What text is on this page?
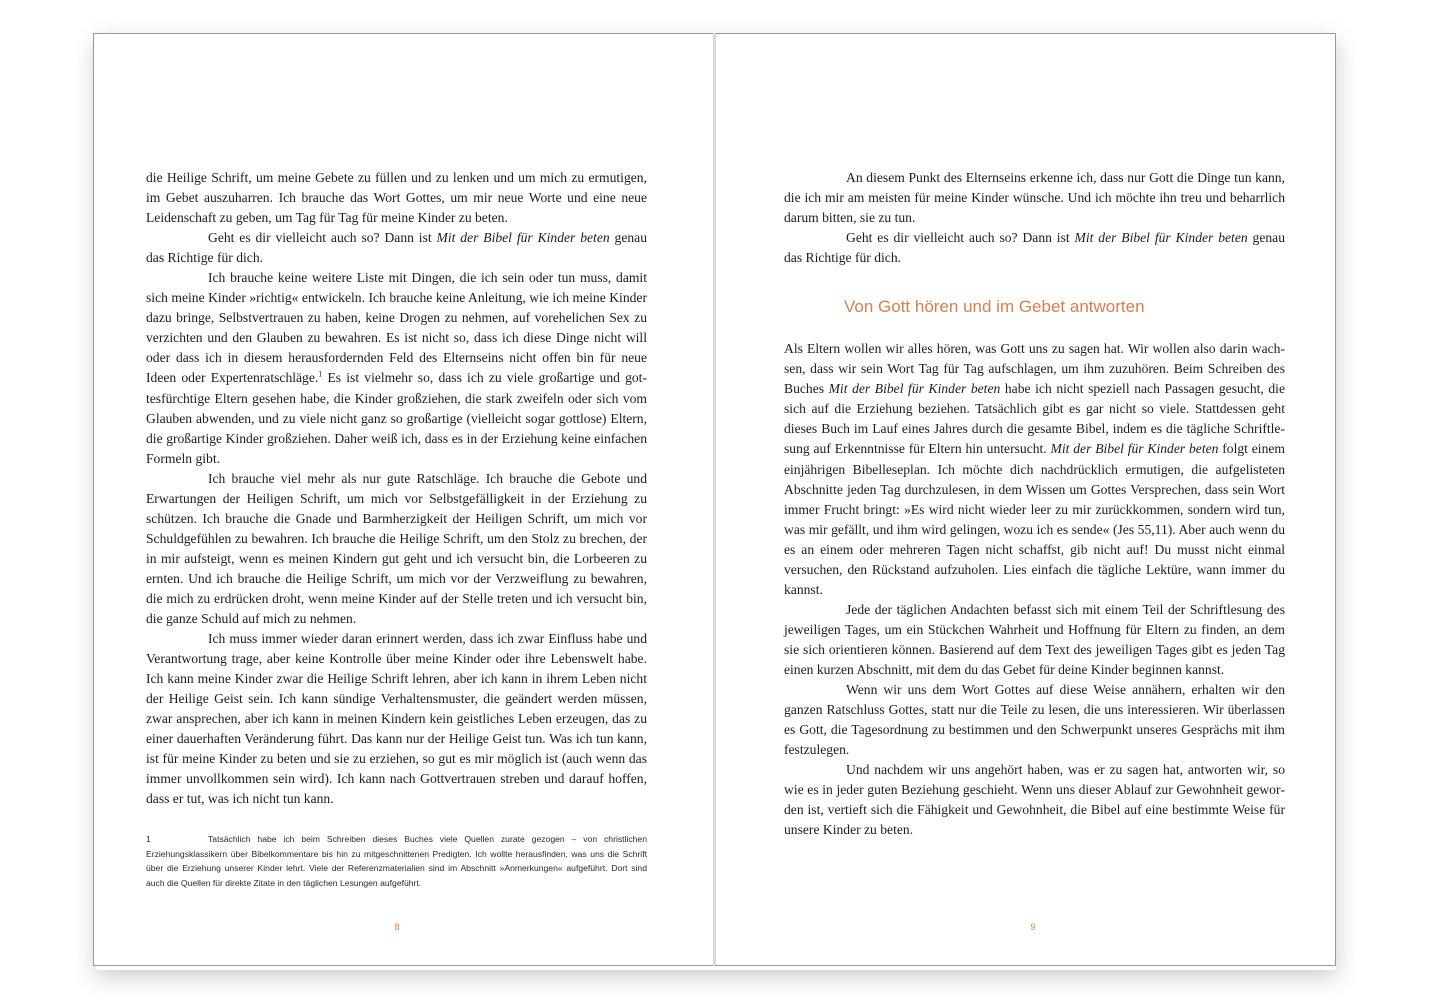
die Heilige Schrift, um meine Gebete zu füllen und zu lenken und um mich zu ermutigen, im Gebet auszuharren. Ich brauche das Wort Gottes, um mir neue Worte und eine neue Leidenschaft zu geben, um Tag für Tag für meine Kinder zu beten.

Geht es dir vielleicht auch so? Dann ist Mit der Bibel für Kinder beten genau das Richtige für dich.

Ich brauche keine weitere Liste mit Dingen, die ich sein oder tun muss, damit sich meine Kinder »richtig« entwickeln. Ich brauche keine Anleitung, wie ich meine Kinder dazu bringe, Selbstvertrauen zu haben, keine Drogen zu nehmen, auf vorehelichen Sex zu verzichten und den Glauben zu bewahren. Es ist nicht so, dass ich diese Dinge nicht will oder dass ich in diesem herausfordernden Feld des Elternseins nicht offen bin für neue Ideen oder Expertenratschläge.$^1$ Es ist vielmehr so, dass ich zu viele großartige und gottesfürchtige Eltern gesehen habe, die Kinder großziehen, die stark zweifeln oder sich vom Glauben abwenden, und zu viele nicht ganz so großartige (vielleicht sogar gottlose) Eltern, die großartige Kinder großziehen. Daher weiß ich, dass es in der Erziehung keine einfachen Formeln gibt.

Ich brauche viel mehr als nur gute Ratschläge. Ich brauche die Gebote und Erwartungen der Heiligen Schrift, um mich vor Selbstgefälligkeit in der Erziehung zu schützen. Ich brauche die Gnade und Barmherzigkeit der Heiligen Schrift, um mich vor Schuldgefühlen zu bewahren. Ich brauche die Heilige Schrift, um den Stolz zu brechen, der in mir aufsteigt, wenn es meinen Kindern gut geht und ich versucht bin, die Lorbeeren zu ernten. Und ich brauche die Heilige Schrift, um mich vor der Verzweiflung zu bewahren, die mich zu erdrücken droht, wenn meine Kinder auf der Stelle treten und ich versucht bin, die ganze Schuld auf mich zu nehmen.

Ich muss immer wieder daran erinnert werden, dass ich zwar Einfluss habe und Verantwortung trage, aber keine Kontrolle über meine Kinder oder ihre Lebenswelt habe. Ich kann meine Kinder zwar die Heilige Schrift lehren, aber ich kann in ihrem Leben nicht der Heilige Geist sein. Ich kann sündige Verhaltensmuster, die geändert werden müssen, zwar ansprechen, aber ich kann in meinen Kindern kein geistliches Leben erzeugen, das zu einer dauerhaften Veränderung führt. Das kann nur der Heilige Geist tun. Was ich tun kann, ist für meine Kinder zu beten und sie zu erziehen, so gut es mir möglich ist (auch wenn das immer unvollkommen sein wird). Ich kann nach Gottvertrauen streben und darauf hoffen, dass er tut, was ich nicht tun kann.

1	Tatsächlich habe ich beim Schreiben dieses Buches viele Quellen zurate gezogen – von christlichen Erziehungsklassikern über Bibelkommentare bis hin zu mitgeschnittenen Predigten. Ich wollte herausfinden, was uns die Schrift über die Erziehung unserer Kinder lehrt. Viele der Referenzmaterialien sind im Abschnitt »Anmerkungen« aufgeführt. Dort sind auch die Quellen für direkte Zitate in den täglichen Lesungen aufgeführt.
8

An diesem Punkt des Elternseins erkenne ich, dass nur Gott die Dinge tun kann, die ich mir am meisten für meine Kinder wünsche. Und ich möchte ihn treu und beharrlich darum bitten, sie zu tun.

Geht es dir vielleicht auch so? Dann ist Mit der Bibel für Kinder beten genau das Richtige für dich.

Von Gott hören und im Gebet antworten

Als Eltern wollen wir alles hören, was Gott uns zu sagen hat. Wir wollen also darin wachsen, dass wir sein Wort Tag für Tag aufschlagen, um ihm zuzuhören. Beim Schreiben des Buches Mit der Bibel für Kinder beten habe ich nicht speziell nach Passagen gesucht, die sich auf die Erziehung beziehen. Tatsächlich gibt es gar nicht so viele. Stattdessen geht dieses Buch im Lauf eines Jahres durch die gesamte Bibel, indem es die tägliche Schriftlesung auf Erkenntnisse für Eltern hin untersucht. Mit der Bibel für Kinder beten folgt einem einjährigen Bibelleseplan. Ich möchte dich nachdrücklich ermutigen, die aufgelisteten Abschnitte jeden Tag durchzulesen, in dem Wissen um Gottes Versprechen, dass sein Wort immer Frucht bringt: »Es wird nicht wieder leer zu mir zurückkommen, sondern wird tun, was mir gefällt, und ihm wird gelingen, wozu ich es sende« (Jes 55,11). Aber auch wenn du es an einem oder mehreren Tagen nicht schaffst, gib nicht auf! Du musst nicht einmal versuchen, den Rückstand aufzuholen. Lies einfach die tägliche Lektüre, wann immer du kannst.

Jede der täglichen Andachten befasst sich mit einem Teil der Schriftlesung des jeweiligen Tages, um ein Stückchen Wahrheit und Hoffnung für Eltern zu finden, an dem sie sich orientieren können. Basierend auf dem Text des jeweiligen Tages gibt es jeden Tag einen kurzen Abschnitt, mit dem du das Gebet für deine Kinder beginnen kannst.

Wenn wir uns dem Wort Gottes auf diese Weise annähern, erhalten wir den ganzen Ratschluss Gottes, statt nur die Teile zu lesen, die uns interessieren. Wir überlassen es Gott, die Tagesordnung zu bestimmen und den Schwerpunkt unseres Gesprächs mit ihm festzulegen.

Und nachdem wir uns angehört haben, was er zu sagen hat, antworten wir, so wie es in jeder guten Beziehung geschieht. Wenn uns dieser Ablauf zur Gewohnheit geworden ist, vertieft sich die Fähigkeit und Gewohnheit, die Bibel auf eine bestimmte Weise für unsere Kinder zu beten.

9
